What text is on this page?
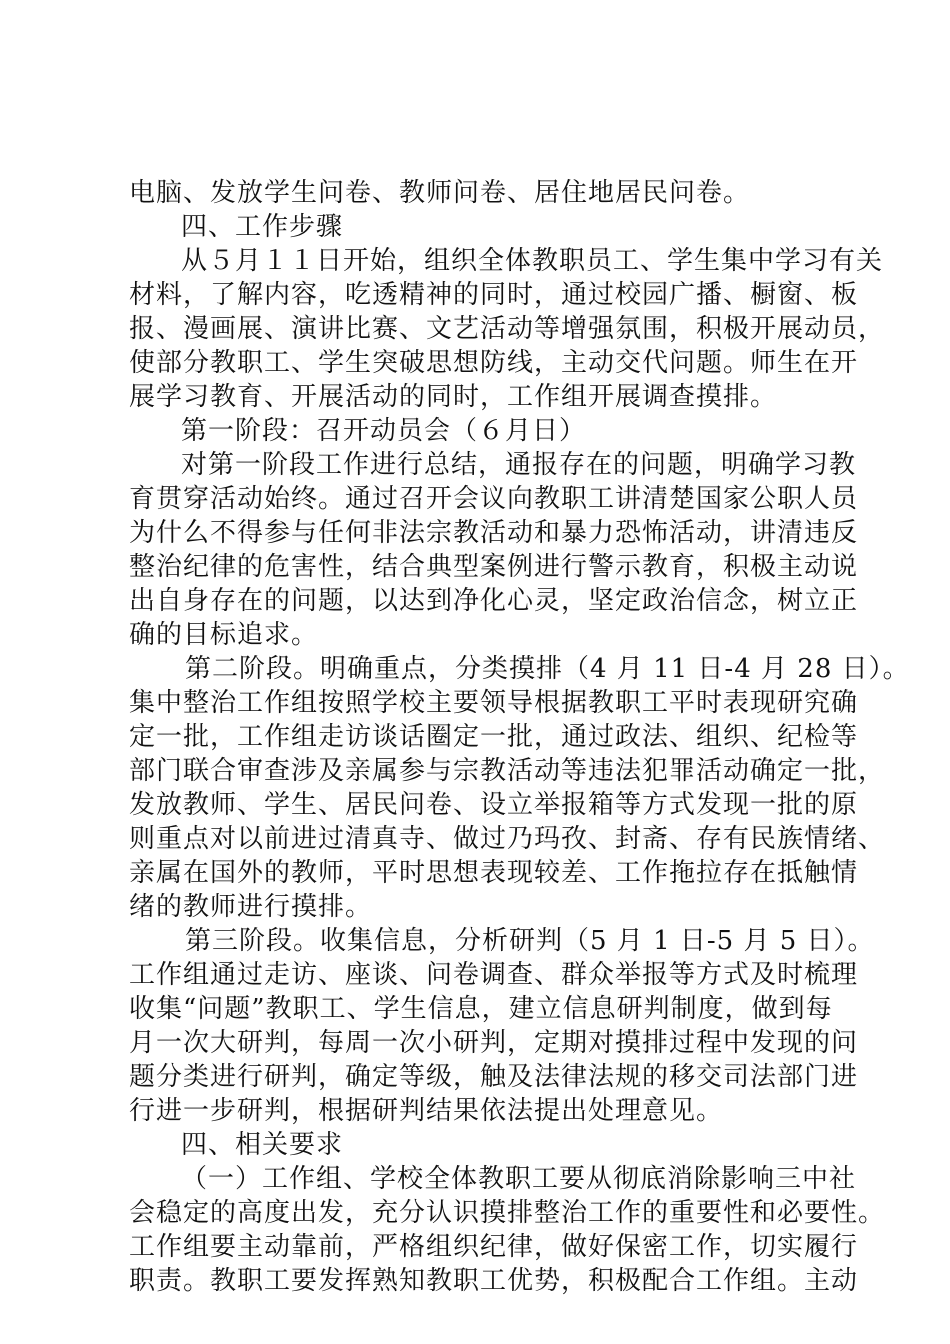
电脑、发放学生问卷、教师问卷、居住地居民问卷。
四、工作步骤
从５月１１日开始，组织全体教职员工、学生集中学习有关
材料，了解内容，吃透精神的同时，通过校园广播、橱窗、板
报、漫画展、演讲比赛、文艺活动等增强氛围，积极开展动员，
使部分教职工、学生突破思想防线，主动交代问题。师生在开
展学习教育、开展活动的同时，工作组开展调查摸排。
第一阶段：召开动员会（６月日）
对第一阶段工作进行总结，通报存在的问题，明确学习教
育贯穿活动始终。通过召开会议向教职工讲清楚国家公职人员
为什么不得参与任何非法宗教活动和暴力恐怖活动，讲清违反
整治纪律的危害性，结合典型案例进行警示教育，积极主动说
出自身存在的问题，以达到净化心灵，坚定政治信念，树立正
确的目标追求。
第二阶段。明确重点，分类摸排（4 月 11 日-4 月 28 日）。
集中整治工作组按照学校主要领导根据教职工平时表现研究确
定一批，工作组走访谈话圈定一批，通过政法、组织、纪检等
部门联合审查涉及亲属参与宗教活动等违法犯罪活动确定一批，
发放教师、学生、居民问卷、设立举报箱等方式发现一批的原
则重点对以前进过清真寺、做过乃玛孜、封斋、存有民族情绪、
亲属在国外的教师，平时思想表现较差、工作拖拉存在抵触情
绪的教师进行摸排。
第三阶段。收集信息，分析研判（5 月 1 日-5 月 5 日）。
工作组通过走访、座谈、问卷调查、群众举报等方式及时梳理
收集“问题”教职工、学生信息，建立信息研判制度，做到每
月一次大研判，每周一次小研判，定期对摸排过程中发现的问
题分类进行研判，确定等级，触及法律法规的移交司法部门进
行进一步研判，根据研判结果依法提出处理意见。
四、相关要求
（一）工作组、学校全体教职工要从彻底消除影响三中社
会稳定的高度出发，充分认识摸排整治工作的重要性和必要性。
工作组要主动靠前，严格组织纪律，做好保密工作，切实履行
职责。教职工要发挥熟知教职工优势，积极配合工作组。主动
